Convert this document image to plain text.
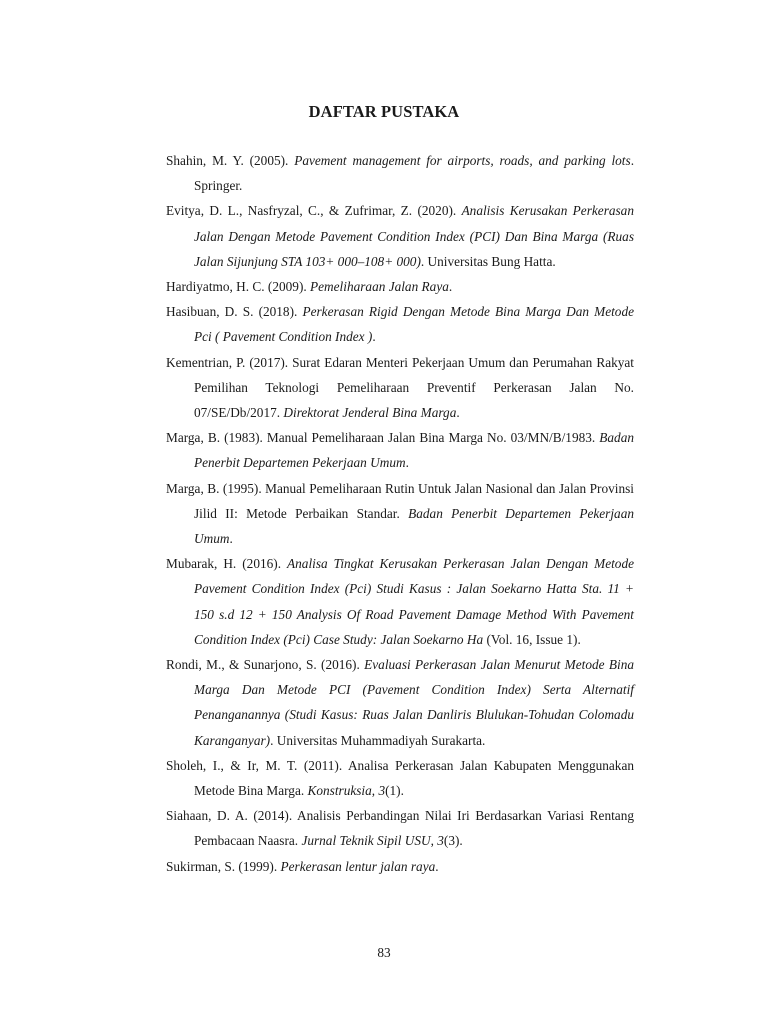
DAFTAR PUSTAKA

Shahin, M. Y. (2005). Pavement management for airports, roads, and parking lots. Springer.

Evitya, D. L., Nasfryzal, C., & Zufrimar, Z. (2020). Analisis Kerusakan Perkerasan Jalan Dengan Metode Pavement Condition Index (PCI) Dan Bina Marga (Ruas Jalan Sijunjung STA 103+ 000–108+ 000). Universitas Bung Hatta.

Hardiyatmo, H. C. (2009). Pemeliharaan Jalan Raya.

Hasibuan, D. S. (2018). Perkerasan Rigid Dengan Metode Bina Marga Dan Metode Pci ( Pavement Condition Index ).

Kementrian, P. (2017). Surat Edaran Menteri Pekerjaan Umum dan Perumahan Rakyat Pemilihan Teknologi Pemeliharaan Preventif Perkerasan Jalan No. 07/SE/Db/2017. Direktorat Jenderal Bina Marga.

Marga, B. (1983). Manual Pemeliharaan Jalan Bina Marga No. 03/MN/B/1983. Badan Penerbit Departemen Pekerjaan Umum.

Marga, B. (1995). Manual Pemeliharaan Rutin Untuk Jalan Nasional dan Jalan Provinsi Jilid II: Metode Perbaikan Standar. Badan Penerbit Departemen Pekerjaan Umum.

Mubarak, H. (2016). Analisa Tingkat Kerusakan Perkerasan Jalan Dengan Metode Pavement Condition Index (Pci) Studi Kasus : Jalan Soekarno Hatta Sta. 11 + 150 s.d 12 + 150 Analysis Of Road Pavement Damage Method With Pavement Condition Index (Pci) Case Study: Jalan Soekarno Ha (Vol. 16, Issue 1).

Rondi, M., & Sunarjono, S. (2016). Evaluasi Perkerasan Jalan Menurut Metode Bina Marga Dan Metode PCI (Pavement Condition Index) Serta Alternatif Penanganannya (Studi Kasus: Ruas Jalan Danliris Blulukan-Tohudan Colomadu Karanganyar). Universitas Muhammadiyah Surakarta.

Sholeh, I., & Ir, M. T. (2011). Analisa Perkerasan Jalan Kabupaten Menggunakan Metode Bina Marga. Konstruksia, 3(1).

Siahaan, D. A. (2014). Analisis Perbandingan Nilai Iri Berdasarkan Variasi Rentang Pembacaan Naasra. Jurnal Teknik Sipil USU, 3(3).

Sukirman, S. (1999). Perkerasan lentur jalan raya.

83
